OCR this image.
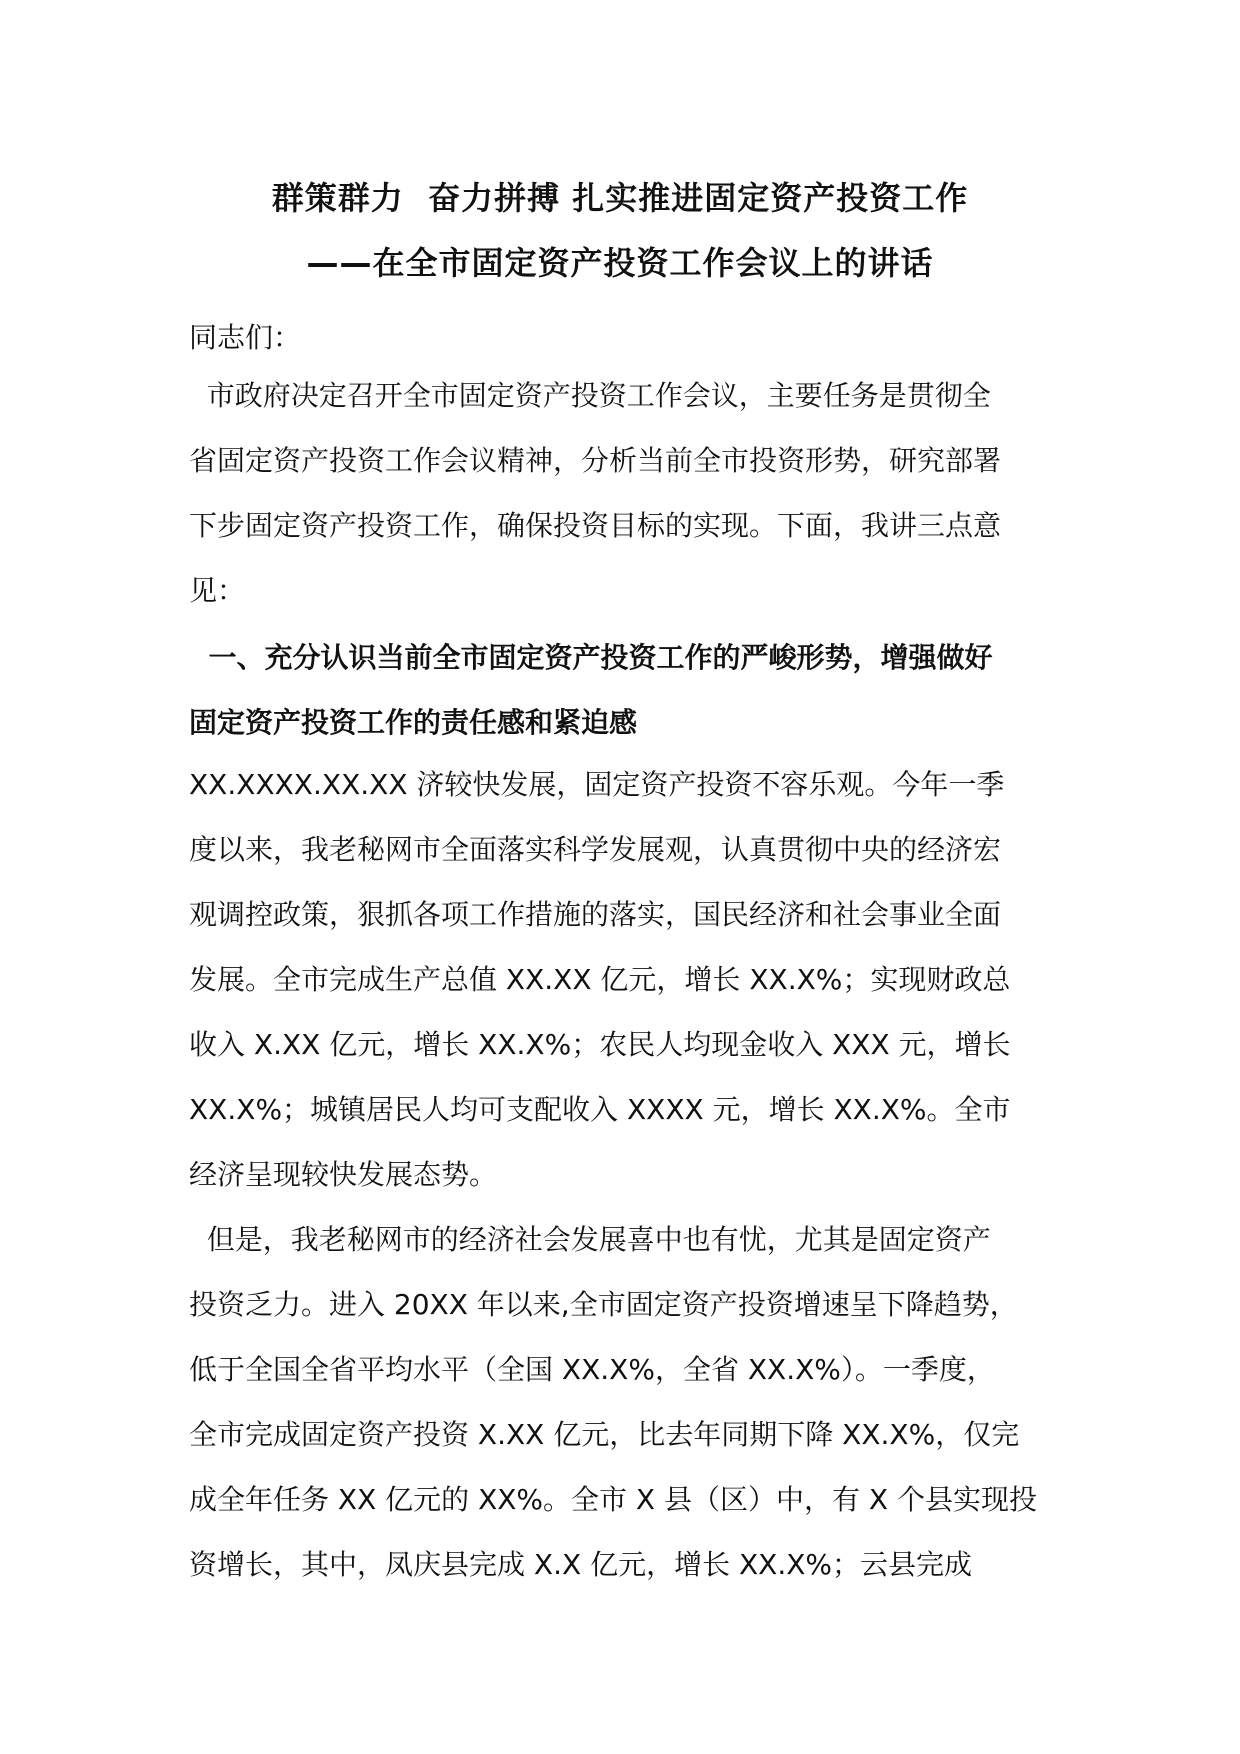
群策群力  奋力拼搏 扎实推进固定资产投资工作
——在全市固定资产投资工作会议上的讲话

同志们：

市政府决定召开全市固定资产投资工作会议，主要任务是贯彻全
省固定资产投资工作会议精神，分析当前全市投资形势，研究部署
下步固定资产投资工作，确保投资目标的实现。下面，我讲三点意
见：

一、充分认识当前全市固定资产投资工作的严峻形势，增强做好
固定资产投资工作的责任感和紧迫感

XX.XXXX.XX.XX 济较快发展，固定资产投资不容乐观。今年一季
度以来，我老秘网市全面落实科学发展观，认真贯彻中央的经济宏
观调控政策，狠抓各项工作措施的落实，国民经济和社会事业全面
发展。全市完成生产总值 XX.XX 亿元，增长 XX.X%；实现财政总
收入 X.XX 亿元，增长 XX.X%；农民人均现金收入 XXX 元，增长
XX.X%；城镇居民人均可支配收入 XXXX 元，增长 XX.X%。全市
经济呈现较快发展态势。

但是，我老秘网市的经济社会发展喜中也有忧，尤其是固定资产
投资乏力。进入 20XX 年以来,全市固定资产投资增速呈下降趋势，
低于全国全省平均水平（全国 XX.X%，全省 XX.X%）。一季度，
全市完成固定资产投资 X.XX 亿元，比去年同期下降 XX.X%，仅完
成全年任务 XX 亿元的 XX%。全市 X 县（区）中，有 X 个县实现投
资增长，其中，凤庆县完成 X.X 亿元，增长 XX.X%；云县完成
